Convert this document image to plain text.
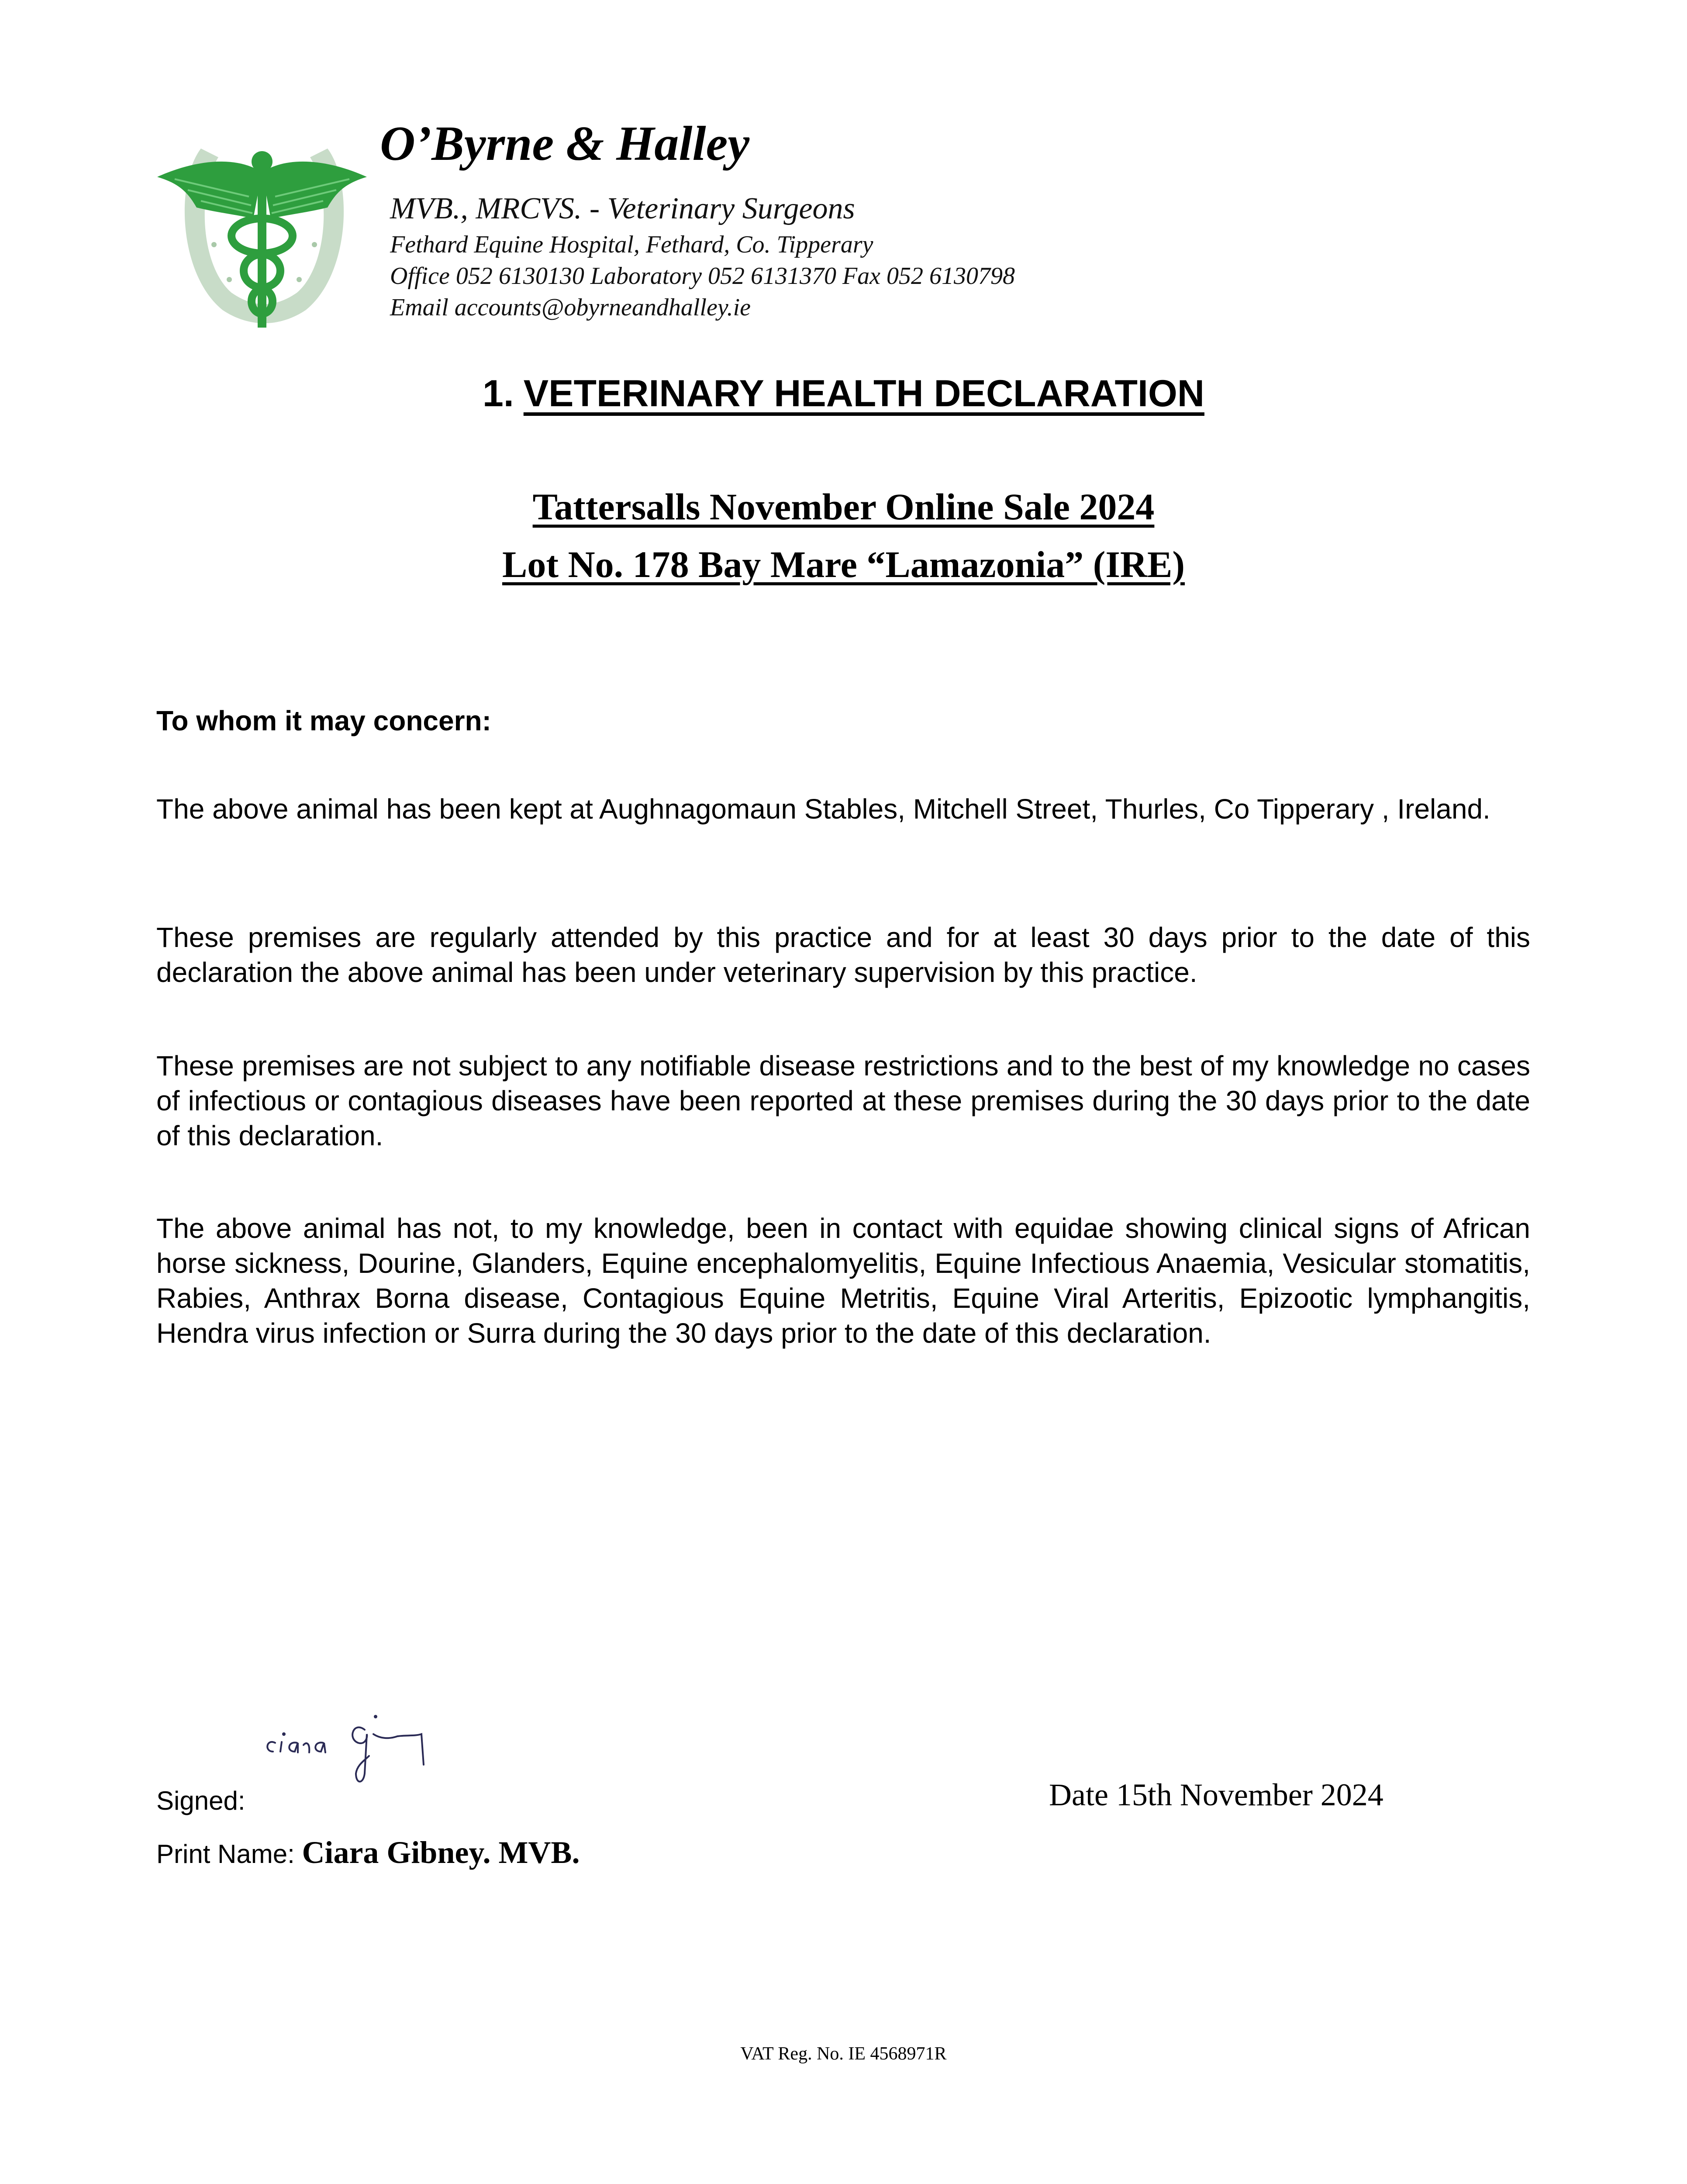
O’Byrne & Halley
MVB., MRCVS. - Veterinary Surgeons
Fethard Equine Hospital, Fethard, Co. Tipperary
Office 052 6130130 Laboratory 052 6131370 Fax 052 6130798
Email accounts@obyrneandhalley.ie
1. VETERINARY HEALTH DECLARATION
Tattersalls November Online Sale 2024
Lot No. 178 Bay Mare “Lamazonia” (IRE)
To whom it may concern:
The above animal has been kept at Aughnagomaun Stables, Mitchell Street, Thurles, Co Tipperary , Ireland.
These premises are regularly attended by this practice and for at least 30 days prior to the date of this declaration the above animal has been under veterinary supervision by this practice.
These premises are not subject to any notifiable disease restrictions and to the best of my knowledge no cases of infectious or contagious diseases have been reported at these premises during the 30 days prior to the date of this declaration.
The above animal has not, to my knowledge, been in contact with equidae showing clinical signs of African horse sickness, Dourine, Glanders, Equine encephalomyelitis, Equine Infectious Anaemia, Vesicular stomatitis, Rabies, Anthrax Borna disease, Contagious Equine Metritis, Equine Viral Arteritis, Epizootic lymphangitis, Hendra virus infection or Surra during the 30 days prior to the date of this declaration.
Signed:	Date 15th November 2024
Print Name: Ciara Gibney. MVB.
VAT Reg. No. IE 4568971R
